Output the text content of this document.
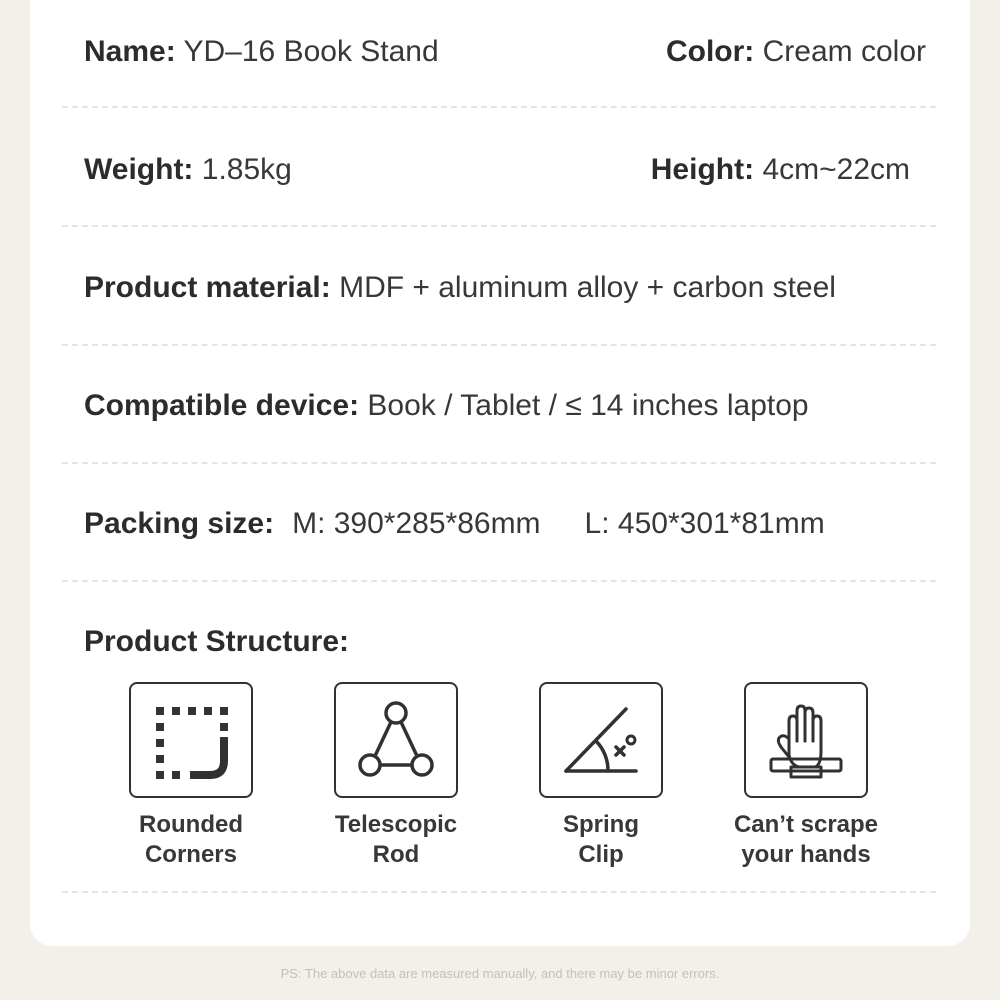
Name: YD–16 Book Stand	Color: Cream color
Weight: 1.85kg	Height: 4cm~22cm
Product material: MDF + aluminum alloy + carbon steel
Compatible device: Book / Tablet / ≤ 14 inches laptop
Packing size: M: 390*285*86mm L: 450*301*81mm
Product Structure:
Rounded
Corners
Telescopic
Rod
Spring
Clip
Can’t scrape
your hands
PS: The above data are measured manually, and there may be minor errors.
